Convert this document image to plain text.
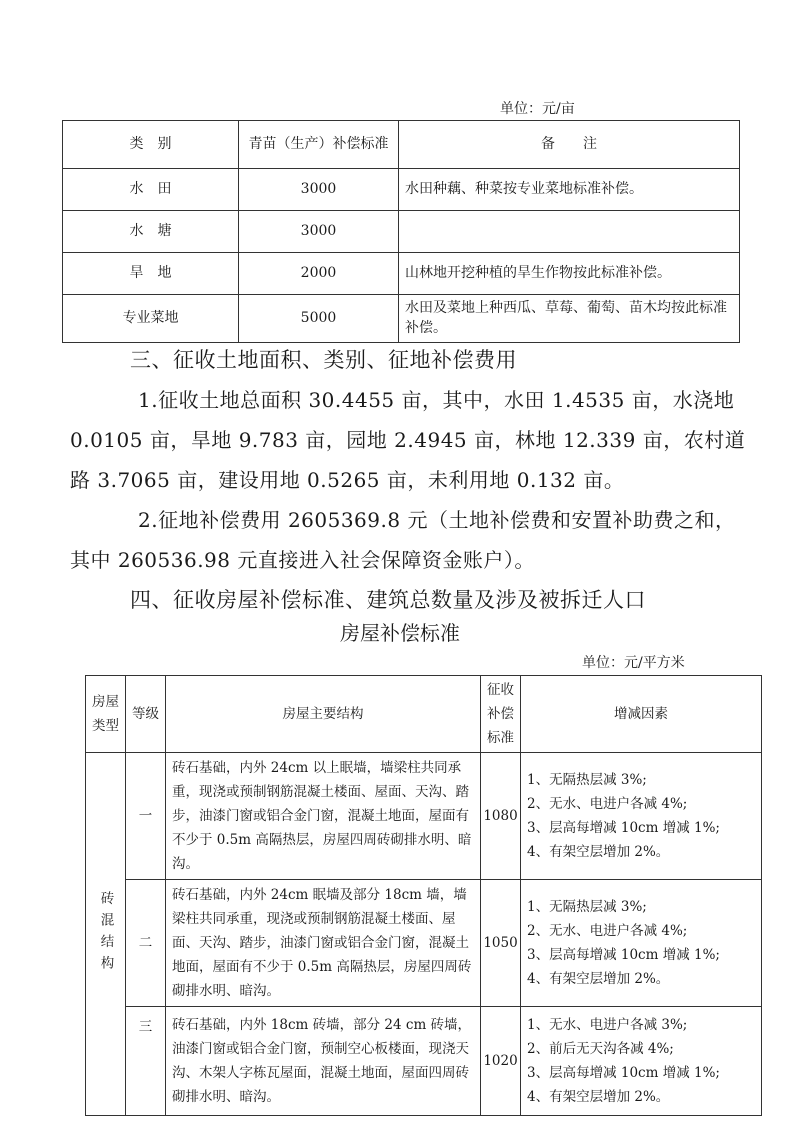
单位：元/亩
类　别	青苗（生产）补偿标准	备　　注
水　田	3000	水田种藕、种菜按专业菜地标准补偿。
水　塘	3000	
旱　地	2000	山林地开挖种植的旱生作物按此标准补偿。
专业菜地	5000	水田及菜地上种西瓜、草莓、葡萄、苗木均按此标准补偿。
三、征收土地面积、类别、征地补偿费用
1.征收土地总面积 30.4455 亩，其中，水田 1.4535 亩，水浇地 0.0105 亩，旱地 9.783 亩，园地 2.4945 亩，林地 12.339 亩，农村道路 3.7065 亩，建设用地 0.5265 亩，未利用地 0.132 亩。
2.征地补偿费用 2605369.8 元（土地补偿费和安置补助费之和，其中 260536.98 元直接进入社会保障资金账户）。
四、征收房屋补偿标准、建筑总数量及涉及被拆迁人口
房屋补偿标准
单位：元/平方米
房屋类型	等级	房屋主要结构	征收补偿标准	增减因素

砖混结构	一	砖石基础，内外 24cm 以上眠墙，墙梁柱共同承重，现浇或预制钢筋混凝土楼面、屋面、天沟、踏步，油漆门窗或铝合金门窗，混凝土地面，屋面有不少于 0.5m 高隔热层，房屋四周砖砌排水明、暗沟。	1080	1、无隔热层减 3%;
2、无水、电进户各减 4%;
3、层高每增减 10cm 增减 1%;
4、有架空层增加 2%。

	二	砖石基础，内外 24cm 眠墙及部分 18cm 墙，墙梁柱共同承重，现浇或预制钢筋混凝土楼面、屋面、天沟、踏步，油漆门窗或铝合金门窗，混凝土地面，屋面有不少于 0.5m 高隔热层，房屋四周砖砌排水明、暗沟。	1050	1、无隔热层减 3%;
2、无水、电进户各减 4%;
3、层高每增减 10cm 增减 1%;
4、有架空层增加 2%。

	三	砖石基础，内外 18cm 砖墙，部分 24 cm 砖墙，油漆门窗或铝合金门窗，预制空心板楼面，现浇天沟、木架人字栋瓦屋面，混凝土地面，屋面四周砖砌排水明、暗沟。	1020	1、无水、电进户各减 3%;
2、前后无天沟各减 4%;
3、层高每增减 10cm 增减 1%;
4、有架空层增加 2%。
